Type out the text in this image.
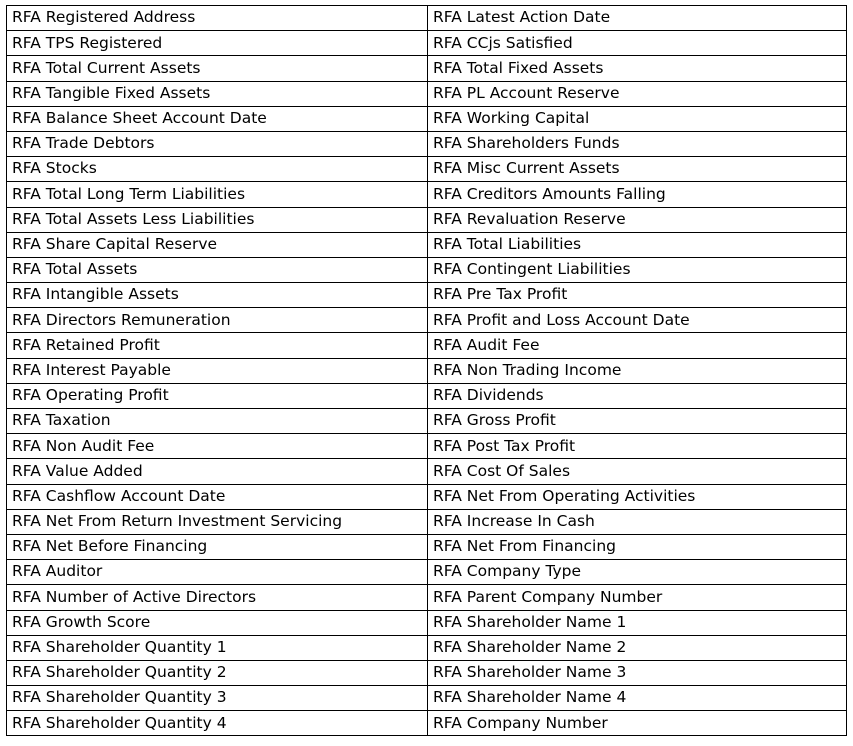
RFA Registered Address	RFA Latest Action Date
RFA TPS Registered	RFA CCjs Satisfied
RFA Total Current Assets	RFA Total Fixed Assets
RFA Tangible Fixed Assets	RFA PL Account Reserve
RFA Balance Sheet Account Date	RFA Working Capital
RFA Trade Debtors	RFA Shareholders Funds
RFA Stocks	RFA Misc Current Assets
RFA Total Long Term Liabilities	RFA Creditors Amounts Falling
RFA Total Assets Less Liabilities	RFA Revaluation Reserve
RFA Share Capital Reserve	RFA Total Liabilities
RFA Total Assets	RFA Contingent Liabilities
RFA Intangible Assets	RFA Pre Tax Profit
RFA Directors Remuneration	RFA Profit and Loss Account Date
RFA Retained Profit	RFA Audit Fee
RFA Interest Payable	RFA Non Trading Income
RFA Operating Profit	RFA Dividends
RFA Taxation	RFA Gross Profit
RFA Non Audit Fee	RFA Post Tax Profit
RFA Value Added	RFA Cost Of Sales
RFA Cashflow Account Date	RFA Net From Operating Activities
RFA Net From Return Investment Servicing	RFA Increase In Cash
RFA Net Before Financing	RFA Net From Financing
RFA Auditor	RFA Company Type
RFA Number of Active Directors	RFA Parent Company Number
RFA Growth Score	RFA Shareholder Name 1
RFA Shareholder Quantity 1	RFA Shareholder Name 2
RFA Shareholder Quantity 2	RFA Shareholder Name 3
RFA Shareholder Quantity 3	RFA Shareholder Name 4
RFA Shareholder Quantity 4	RFA Company Number
